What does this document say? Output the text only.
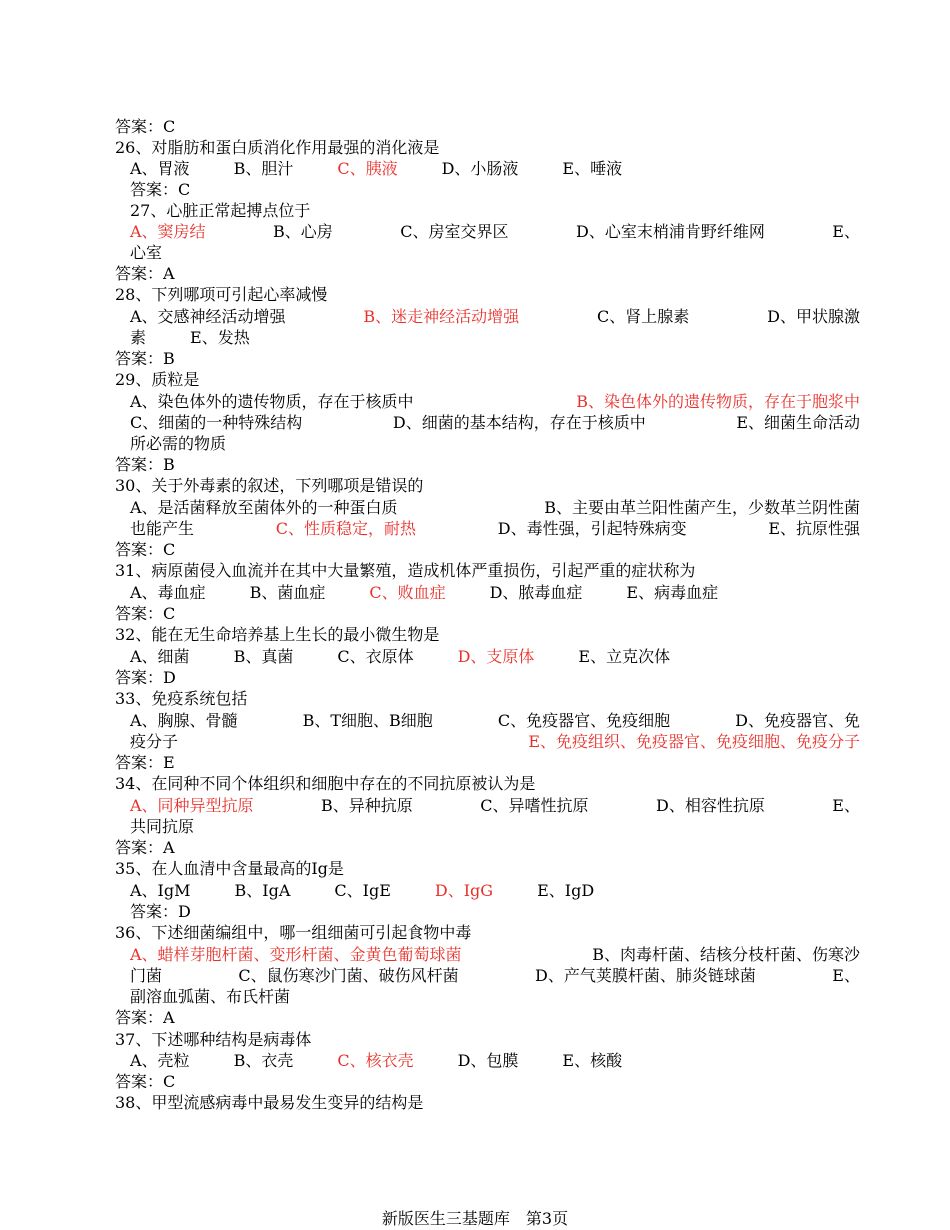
答案：C
26、对脂肪和蛋白质消化作用最强的消化液是
A、胃液	B、胆汁	C、胰液	D、小肠液	E、唾液
答案：C
27、心脏正常起搏点位于
A、窦房结	B、心房	C、房室交界区	D、心室末梢浦肯野纤维网	E、
心室
答案：A
28、下列哪项可引起心率减慢
A、交感神经活动增强	B、迷走神经活动增强	C、肾上腺素	D、甲状腺激
素	E、发热
答案：B
29、质粒是
A、染色体外的遗传物质，存在于核质中	B、染色体外的遗传物质，存在于胞浆中
C、细菌的一种特殊结构	D、细菌的基本结构，存在于核质中	E、细菌生命活动
所必需的物质
答案：B
30、关于外毒素的叙述，下列哪项是错误的
A、是活菌释放至菌体外的一种蛋白质	B、主要由革兰阳性菌产生，少数革兰阴性菌
也能产生	C、性质稳定，耐热	D、毒性强，引起特殊病变	E、抗原性强
答案：C
31、病原菌侵入血流并在其中大量繁殖，造成机体严重损伤，引起严重的症状称为
A、毒血症	B、菌血症	C、败血症	D、脓毒血症	E、病毒血症
答案：C
32、能在无生命培养基上生长的最小微生物是
A、细菌	B、真菌	C、衣原体	D、支原体	E、立克次体
答案：D
33、免疫系统包括
A、胸腺、骨髓	B、T细胞、B细胞	C、免疫器官、免疫细胞	D、免疫器官、免
疫分子	E、免疫组织、免疫器官、免疫细胞、免疫分子
答案：E
34、在同种不同个体组织和细胞中存在的不同抗原被认为是
A、同种异型抗原	B、异种抗原	C、异嗜性抗原	D、相容性抗原	E、
共同抗原
答案：A
35、在人血清中含量最高的Ig是
A、IgM	B、IgA	C、IgE	D、IgG	E、IgD
答案：D
36、下述细菌编组中，哪一组细菌可引起食物中毒
A、蜡样芽胞杆菌、变形杆菌、金黄色葡萄球菌	B、肉毒杆菌、结核分枝杆菌、伤寒沙
门菌	C、鼠伤寒沙门菌、破伤风杆菌	D、产气荚膜杆菌、肺炎链球菌	E、
副溶血弧菌、布氏杆菌
答案：A
37、下述哪种结构是病毒体
A、壳粒	B、衣壳	C、核衣壳	D、包膜	E、核酸
答案：C
38、甲型流感病毒中最易发生变异的结构是
新版医生三基题库　第3页
